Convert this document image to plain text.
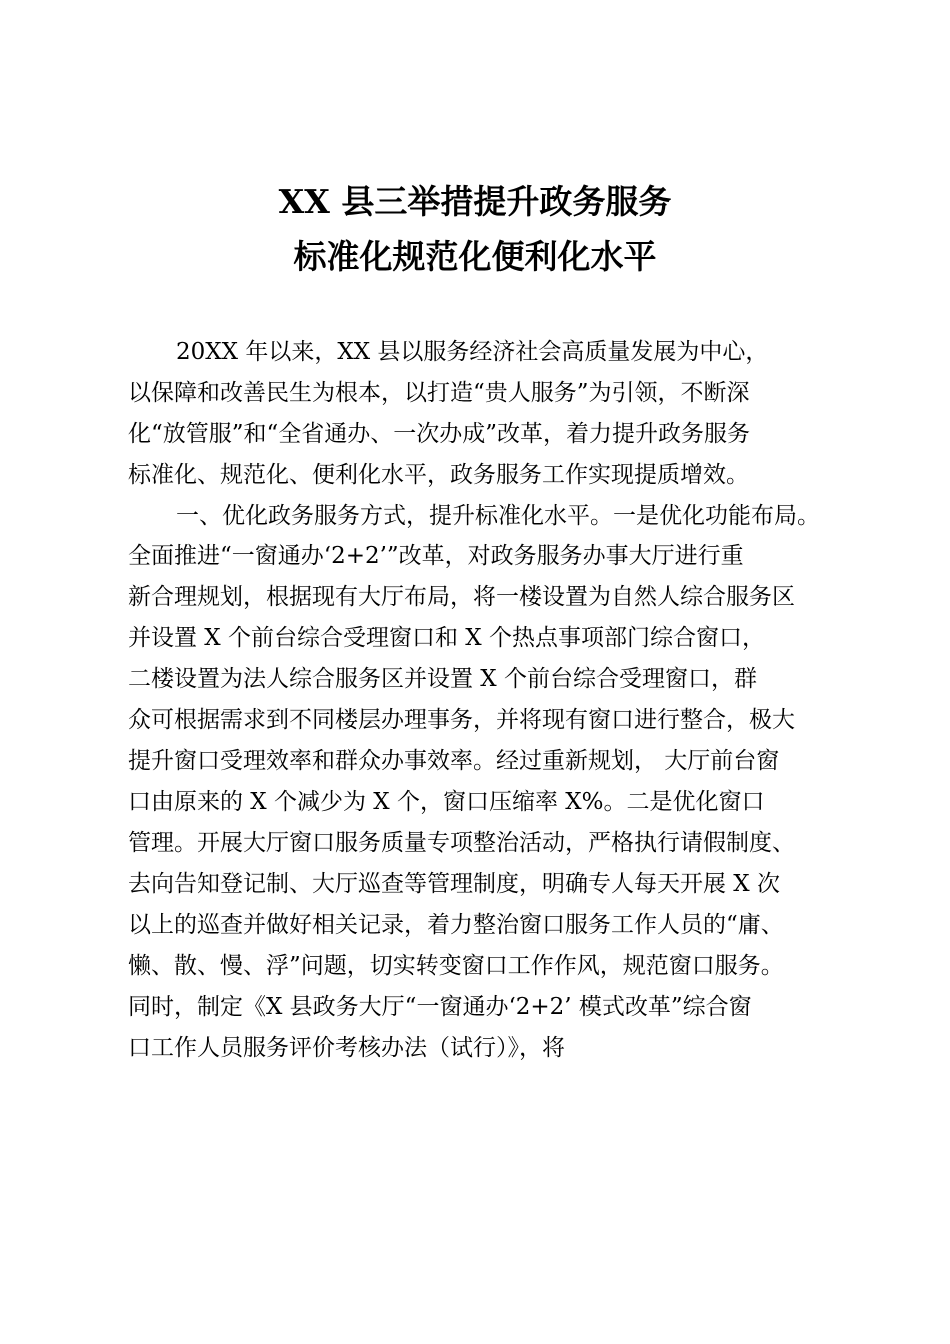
XX 县三举措提升政务服务
标准化规范化便利化水平
20XX 年以来，XX 县以服务经济社会高质量发展为中心，
以保障和改善民生为根本，以打造“贵人服务”为引领，不断深
化“放管服”和“全省通办、一次办成”改革，着力提升政务服务
标准化、规范化、便利化水平，政务服务工作实现提质增效。
一、优化政务服务方式，提升标准化水平。一是优化功能布局。
全面推进“一窗通办‘2+2’”改革，对政务服务办事大厅进行重
新合理规划，根据现有大厅布局，将一楼设置为自然人综合服务区
并设置 X 个前台综合受理窗口和 X 个热点事项部门综合窗口，
二楼设置为法人综合服务区并设置 X 个前台综合受理窗口，群
众可根据需求到不同楼层办理事务，并将现有窗口进行整合，极大
提升窗口受理效率和群众办事效率。经过重新规划， 大厅前台窗
口由原来的 X 个减少为 X 个，窗口压缩率 X%。二是优化窗口
管理。开展大厅窗口服务质量专项整治活动，严格执行请假制度、
去向告知登记制、大厅巡查等管理制度，明确专人每天开展 X 次
以上的巡查并做好相关记录，着力整治窗口服务工作人员的“庸、
懒、散、慢、浮”问题，切实转变窗口工作作风，规范窗口服务。
同时，制定《X 县政务大厅“一窗通办‘2+2’ 模式改革”综合窗
口工作人员服务评价考核办法（试行）》，将
